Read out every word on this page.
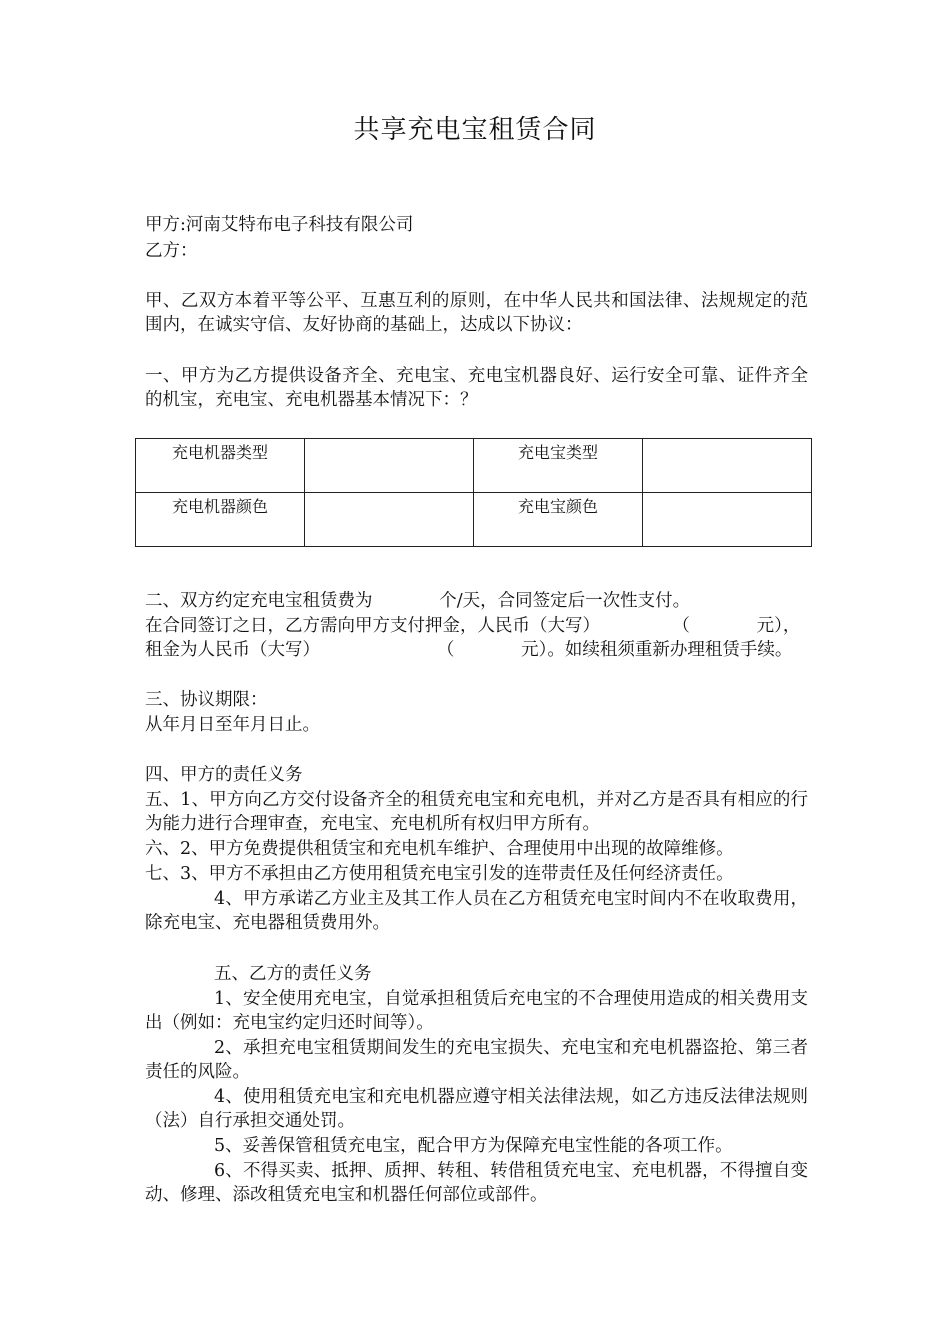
共享充电宝租赁合同
甲方:河南艾特布电子科技有限公司
乙方：
甲、乙双方本着平等公平、互惠互利的原则，在中华人民共和国法律、法规规定的范围内，在诚实守信、友好协商的基础上，达成以下协议：
一、甲方为乙方提供设备齐全、充电宝、充电宝机器良好、运行安全可靠、证件齐全的机宝，充电宝、充电机器基本情况下：？
充电机器类型		充电宝类型	
充电机器颜色		充电宝颜色	
二、双方约定充电宝租赁费为            个/天，合同签定后一次性支付。
在合同签订之日，乙方需向甲方支付押金，人民币（大写）             （            元），
租金为人民币（大写）                     （            元）。如续租须重新办理租赁手续。
三、协议期限：
从年月日至年月日止。
四、甲方的责任义务
五、1、甲方向乙方交付设备齐全的租赁充电宝和充电机，并对乙方是否具有相应的行为能力进行合理审查，充电宝、充电机所有权归甲方所有。
六、2、甲方免费提供租赁宝和充电机车维护、合理使用中出现的故障维修。
七、3、甲方不承担由乙方使用租赁充电宝引发的连带责任及任何经济责任。
4、甲方承诺乙方业主及其工作人员在乙方租赁充电宝时间内不在收取费用，除充电宝、充电器租赁费用外。
五、乙方的责任义务
1、安全使用充电宝，自觉承担租赁后充电宝的不合理使用造成的相关费用支出（例如：充电宝约定归还时间等）。
2、承担充电宝租赁期间发生的充电宝损失、充电宝和充电机器盗抢、第三者责任的风险。
4、使用租赁充电宝和充电机器应遵守相关法律法规，如乙方违反法律法规则（法）自行承担交通处罚。
5、妥善保管租赁充电宝，配合甲方为保障充电宝性能的各项工作。
6、不得买卖、抵押、质押、转租、转借租赁充电宝、充电机器，不得擅自变动、修理、添改租赁充电宝和机器任何部位或部件。
